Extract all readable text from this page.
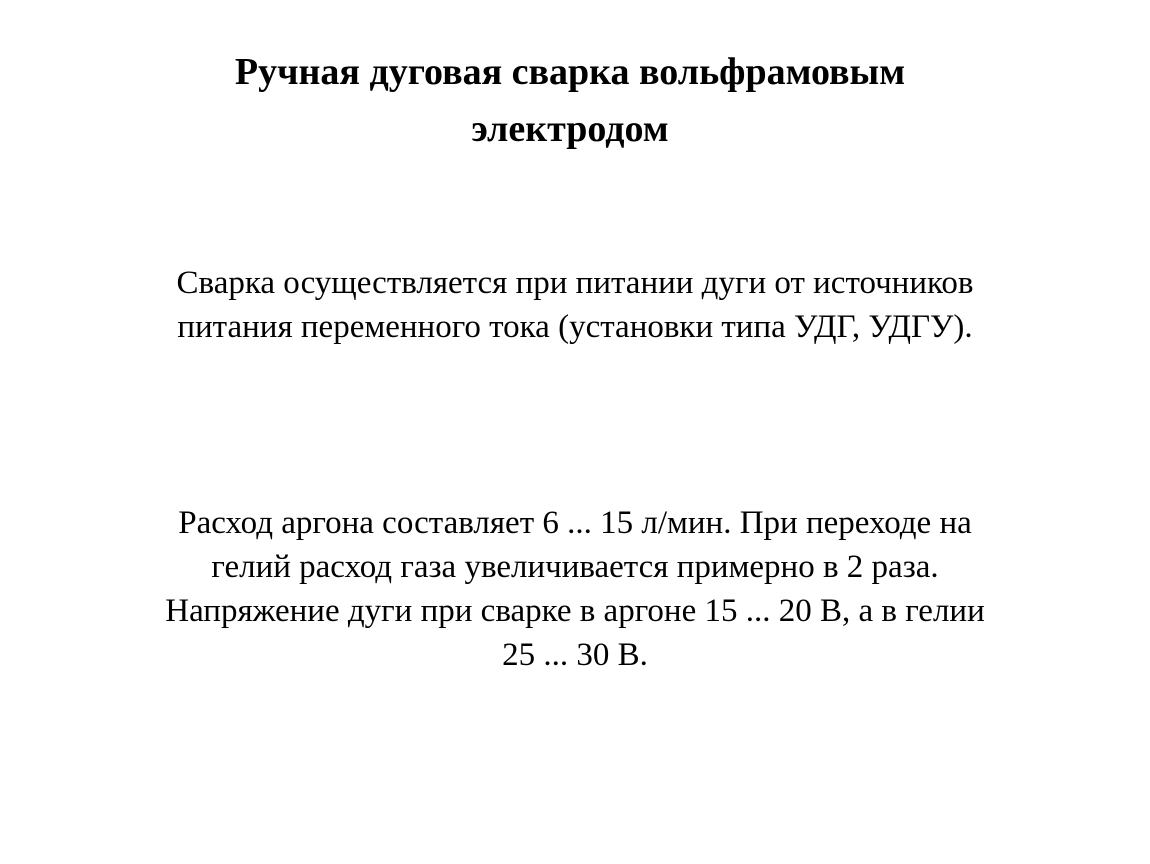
Ручная дуговая сварка вольфрамовым
электродом

Сварка осуществляется при питании дуги от источников
питания переменного тока (установки типа УДГ, УДГУ).

Расход аргона составляет 6 ... 15 л/мин. При переходе на
гелий расход газа увеличивается примерно в 2 раза.
Напряжение дуги при сварке в аргоне 15 ... 20 В, а в гелии
25 ... 30 В.
